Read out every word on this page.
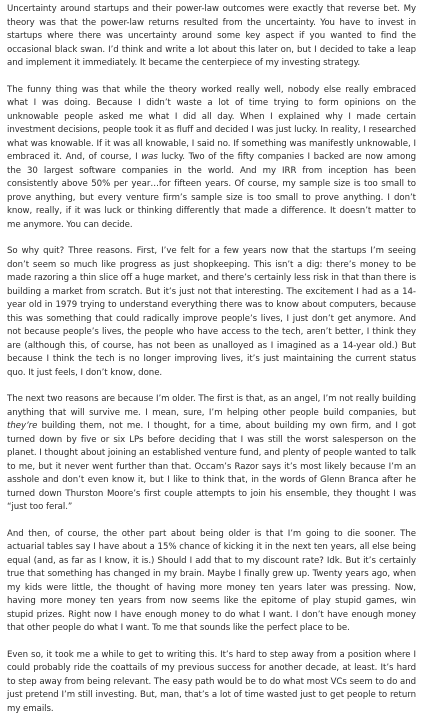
Uncertainty around startups and their power-law outcomes were exactly that reverse bet. My theory was that the power-law returns resulted from the uncertainty. You have to invest in startups where there was uncertainty around some key aspect if you wanted to find the occasional black swan. I’d think and write a lot about this later on, but I decided to take a leap and implement it immediately. It became the centerpiece of my investing strategy.

The funny thing was that while the theory worked really well, nobody else really embraced what I was doing. Because I didn’t waste a lot of time trying to form opinions on the unknowable people asked me what I did all day. When I explained why I made certain investment decisions, people took it as fluff and decided I was just lucky. In reality, I researched what was knowable. If it was all knowable, I said no. If something was manifestly unknowable, I embraced it. And, of course, I was lucky. Two of the fifty companies I backed are now among the 30 largest software companies in the world. And my IRR from inception has been consistently above 50% per year…for fifteen years. Of course, my sample size is too small to prove anything, but every venture firm’s sample size is too small to prove anything. I don’t know, really, if it was luck or thinking differently that made a difference. It doesn’t matter to me anymore. You can decide.

So why quit? Three reasons. First, I’ve felt for a few years now that the startups I’m seeing don’t seem so much like progress as just shopkeeping. This isn’t a dig: there’s money to be made razoring a thin slice off a huge market, and there’s certainly less risk in that than there is building a market from scratch. But it’s just not that interesting. The excitement I had as a 14-year old in 1979 trying to understand everything there was to know about computers, because this was something that could radically improve people’s lives, I just don’t get anymore. And not because people’s lives, the people who have access to the tech, aren’t better, I think they are (although this, of course, has not been as unalloyed as I imagined as a 14-year old.) But because I think the tech is no longer improving lives, it’s just maintaining the current status quo. It just feels, I don’t know, done.

The next two reasons are because I’m older. The first is that, as an angel, I’m not really building anything that will survive me. I mean, sure, I’m helping other people build companies, but they’re building them, not me. I thought, for a time, about building my own firm, and I got turned down by five or six LPs before deciding that I was still the worst salesperson on the planet. I thought about joining an established venture fund, and plenty of people wanted to talk to me, but it never went further than that. Occam’s Razor says it’s most likely because I’m an asshole and don’t even know it, but I like to think that, in the words of Glenn Branca after he turned down Thurston Moore’s first couple attempts to join his ensemble, they thought I was “just too feral.”

And then, of course, the other part about being older is that I’m going to die sooner. The actuarial tables say I have about a 15% chance of kicking it in the next ten years, all else being equal (and, as far as I know, it is.) Should I add that to my discount rate? Idk. But it’s certainly true that something has changed in my brain. Maybe I finally grew up. Twenty years ago, when my kids were little, the thought of having more money ten years later was pressing. Now, having more money ten years from now seems like the epitome of play stupid games, win stupid prizes. Right now I have enough money to do what I want. I don’t have enough money that other people do what I want. To me that sounds like the perfect place to be.

Even so, it took me a while to get to writing this. It’s hard to step away from a position where I could probably ride the coattails of my previous success for another decade, at least. It’s hard to step away from being relevant. The easy path would be to do what most VCs seem to do and just pretend I’m still investing. But, man, that’s a lot of time wasted just to get people to return my emails.
